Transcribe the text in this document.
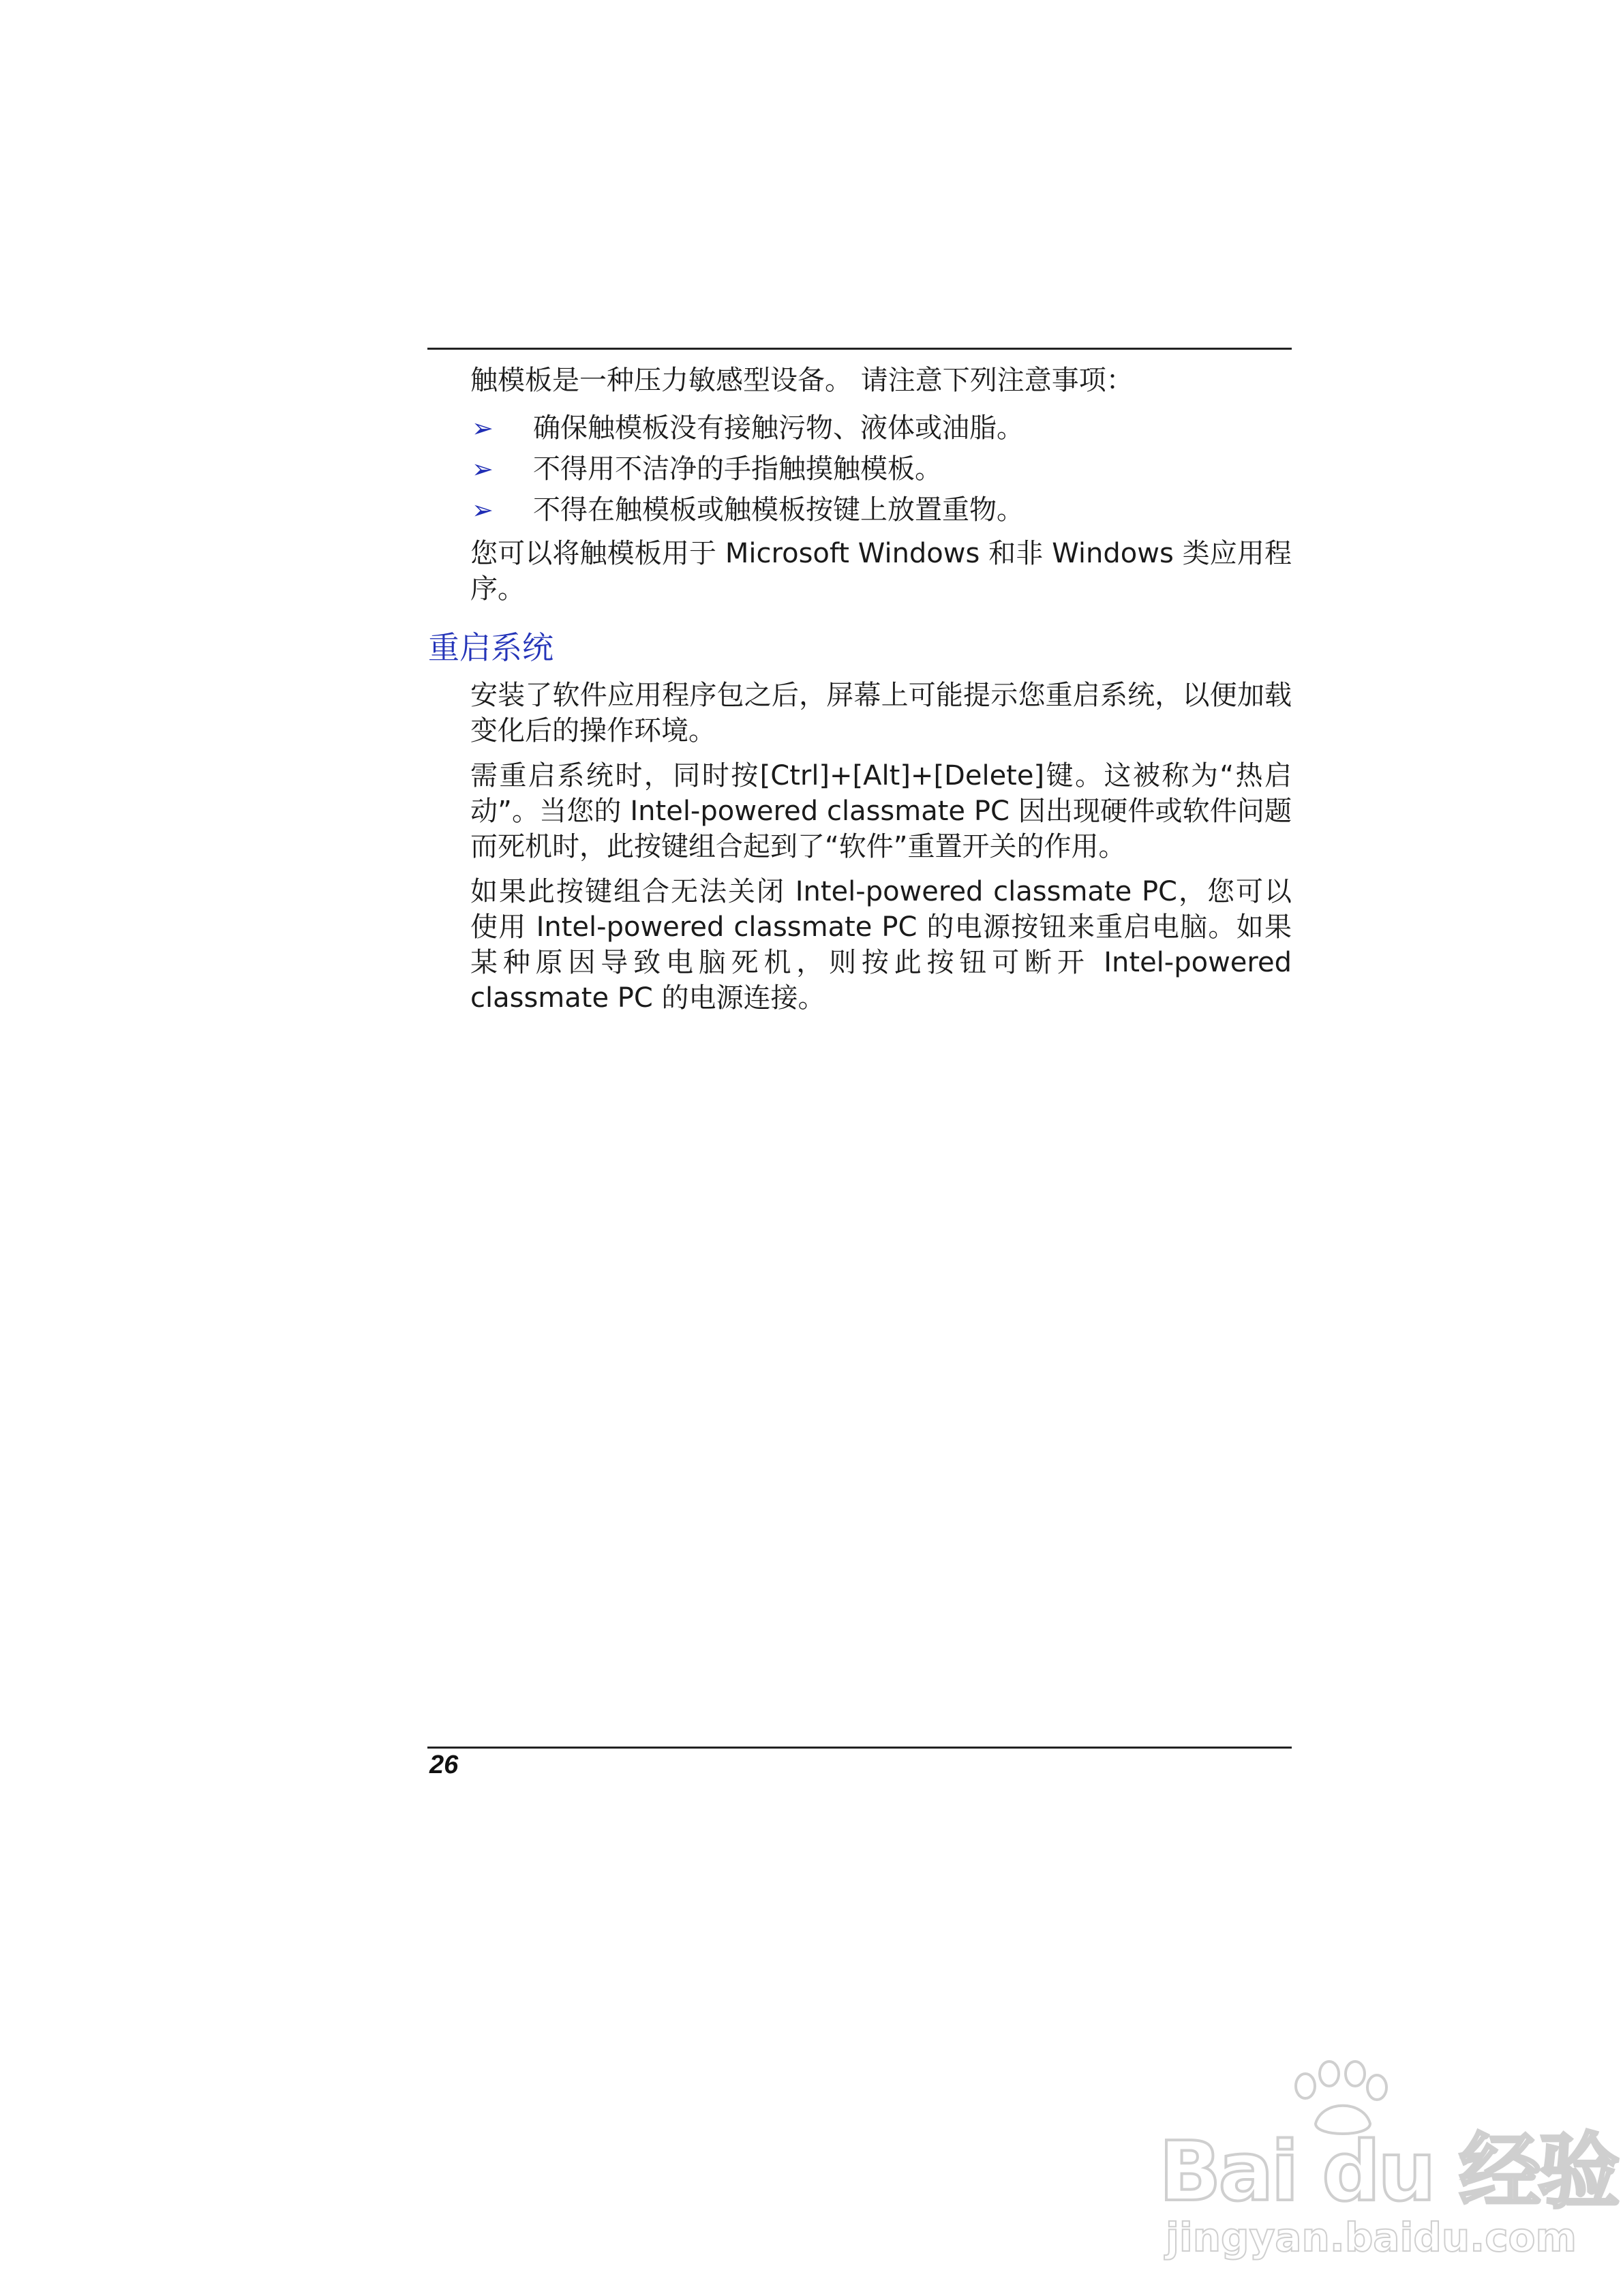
触模板是一种压力敏感型设备。 请注意下列注意事项：

➢ 确保触模板没有接触污物、液体或油脂。
➢ 不得用不洁净的手指触摸触模板。
➢ 不得在触模板或触模板按键上放置重物。

您可以将触模板用于 Microsoft Windows 和非 Windows 类应用程序。

重启系统

安装了软件应用程序包之后，屏幕上可能提示您重启系统，以便加载变化后的操作环境。

需重启系统时，同时按[Ctrl]+[Alt]+[Delete]键。这被称为“热启动”。当您的 Intel-powered classmate PC 因出现硬件或软件问题而死机时，此按键组合起到了“软件”重置开关的作用。

如果此按键组合无法关闭 Intel-powered classmate PC，您可以使用 Intel-powered classmate PC 的电源按钮来重启电脑。如果某种原因导致电脑死机，则按此按钮可断开 Intel-powered classmate PC 的电源连接。

26
Bai du 经验
jingyan.baidu.com
